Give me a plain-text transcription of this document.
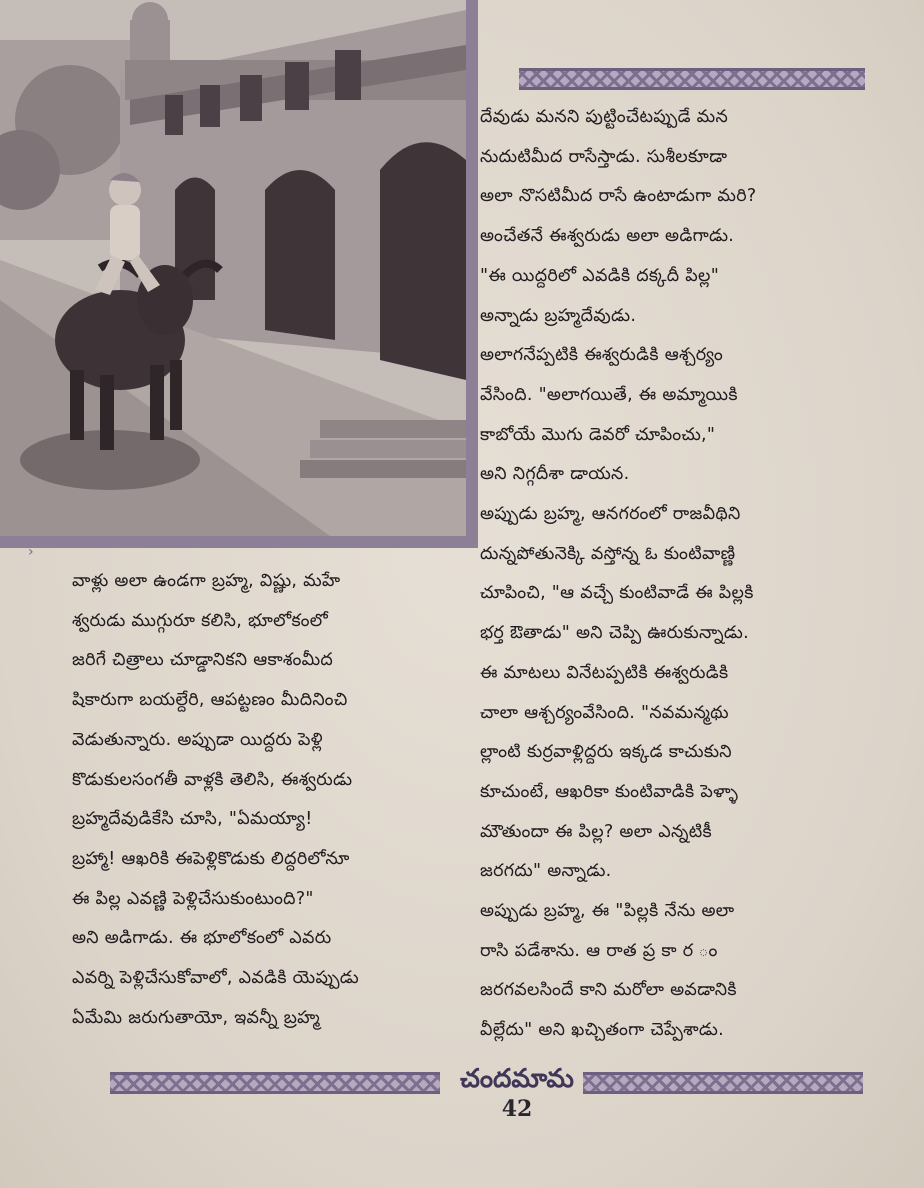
›

వాళ్లు అలా ఉండగా బ్రహ్మ, విష్ణు, మహే

శ్వరుడు ముగ్గురూ కలిసి, భూలోకంలో

జరిగే చిత్రాలు చూడ్డానికని ఆకాశంమీద

షికారుగా బయల్దేరి, ఆపట్టణం మీదినించి

వెడుతున్నారు. అప్పుడా యిద్దరు పెళ్లి

కొడుకులసంగతీ వాళ్లకి తెలిసి, ఈశ్వరుడు

బ్రహ్మదేవుడికేసి చూసి, "ఏమయ్యా!

బ్రహ్మా! ఆఖరికి ఈపెళ్లికొడుకు లిద్దరిలోనూ

ఈ పిల్ల ఎవణ్ణి పెళ్లిచేసుకుంటుంది?"

అని అడిగాడు. ఈ భూలోకంలో ఎవరు

ఎవర్ని పెళ్లిచేసుకోవాలో, ఎవడికి యెప్పుడు

ఏమేమి జరుగుతాయో, ఇవన్నీ బ్రహ్మ

దేవుడు మనని పుట్టించేటప్పుడే మన

నుదుటిమీద రాసేస్తాడు. సుశీలకూడా

అలా నొసటిమీద రాసే ఉంటాడుగా మరి?

అంచేతనే ఈశ్వరుడు అలా అడిగాడు.

"ఈ యిద్దరిలో ఎవడికి దక్కదీ పిల్ల"

అన్నాడు బ్రహ్మదేవుడు.

అలాగనేప్పటికి ఈశ్వరుడికి ఆశ్చర్యం

వేసింది. "అలాగయితే, ఈ అమ్మాయికి

కాబోయే మొగు డెవరో చూపించు,"

అని నిగ్గదీశా డాయన.

అప్పుడు బ్రహ్మ, ఆనగరంలో రాజవీథిని

దున్నపోతునెక్కి వస్తోన్న ఓ కుంటివాణ్ణి

చూపించి, "ఆ వచ్చే కుంటివాడే ఈ పిల్లకి

భర్త ఔతాడు" అని చెప్పి ఊరుకున్నాడు.

ఈ మాటలు వినేటప్పటికి ఈశ్వరుడికి

చాలా ఆశ్చర్యంవేసింది. "నవమన్మథు

ల్లాంటి కుర్రవాళ్లిద్దరు ఇక్కడ కాచుకుని

కూచుంటే, ఆఖరికా కుంటివాడికి పెళ్ళా

మౌతుందా ఈ పిల్ల? అలా ఎన్నటికీ

జరగదు" అన్నాడు.

అప్పుడు బ్రహ్మ, ఈ "పిల్లకి నేను అలా

రాసి పడేశాను. ఆ రాత ప్ర కా ర ం

జరగవలసిందే కాని మరోలా అవడానికి

వీల్లేదు" అని ఖచ్చితంగా చెప్పేశాడు.

చందమామ
42
